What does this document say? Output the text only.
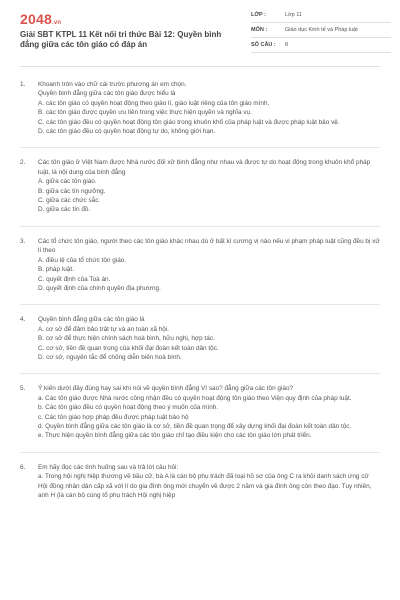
2048.vn
Giải SBT KTPL 11 Kết nối tri thức Bài 12: Quyền bình đẳng giữa các tôn giáo có đáp án
LỚP :	Lớp 11
MÔN :	Giáo dục Kinh tế và Pháp luật
SỐ CÂU :	8
1.	Khoanh tròn vào chữ cái trước phương án em chọn.

Quyền bình đẳng giữa các tôn giáo được hiểu là

A. các tôn giáo có quyền hoạt động theo giáo lí, giáo luật riêng của tôn giáo mình.

B. các tôn giáo được quyền ưu tiên trong việc thực hiện quyền và nghĩa vụ.

C. các tôn giáo đều có quyền hoạt động tôn giáo trong khuôn khổ của pháp luật và được pháp luật bảo vệ.

D. các tôn giáo đều có quyền hoạt động tự do, không giới hạn.

2.	Các tôn giáo ở Việt Nam được Nhà nước đối xử bình đẳng như nhau và được tự do hoạt động trong khuôn khổ pháp luật, là nội dung của bình đẳng

A. giữa các tôn giáo.

B. giữa các tín ngưỡng.

C. giữa các chức sắc.

D. giữa các tín đồ.

3.	Các tổ chức tôn giáo, người theo các tôn giáo khác nhau dù ở bất kì cương vị nào nếu vi phạm pháp luật cũng đều bị xử lí theo

A. điều lệ của tổ chức tôn giáo.

B. pháp luật.

C. quyết định của Toà án.

D. quyết định của chính quyền địa phương.

4.	Quyền bình đẳng giữa các tôn giáo là

A. cơ sở để đảm bảo trật tự và an toàn xã hội.

B. cơ sở để thực hiện chính sách hoà bình, hữu nghị, hợp tác.

C. cơ sở, tiền đề quan trọng của khối đại đoàn kết toàn dân tộc.

D. cơ sở, nguyên tắc để chống diễn biến hoà bình.

5.	Ý kiến dưới đây đúng hay sai khi nói về quyền bình đẳng Vì sao? đẳng giữa các tôn giáo?

a. Các tôn giáo được Nhà nước công nhận đều có quyền hoạt động tôn giáo theo Viện quy định của pháp luật.

b. Các tôn giáo đều có quyền hoạt động theo ý muốn của mình.

c. Các tôn giáo hợp pháp đều được pháp luật bảo hộ

d. Quyền bình đẳng giữa các tôn giáo là cơ sở, tiền đề quan trọng để xây dựng khối đại đoàn kết toàn dân tộc.

e. Thực hiện quyền bình đẳng giữa các tôn giáo chỉ tạo điều kiện cho các tôn giáo lớn phát triển.

6.	Em hãy đọc các tình huống sau và trả lời câu hỏi:

a. Trong hội nghị hiệp thương về bầu cử, bà A là cán bộ phụ trách đã loại hồ sơ của ông C ra khỏi danh sách ứng cử Hội đồng nhân dân cấp xã với lí do gia đình ông mới chuyển về được 2 năm và gia đình ông còn theo đạo. Tuy nhiên, anh H (là cán bộ cùng tổ phụ trách Hội nghị hiệp
